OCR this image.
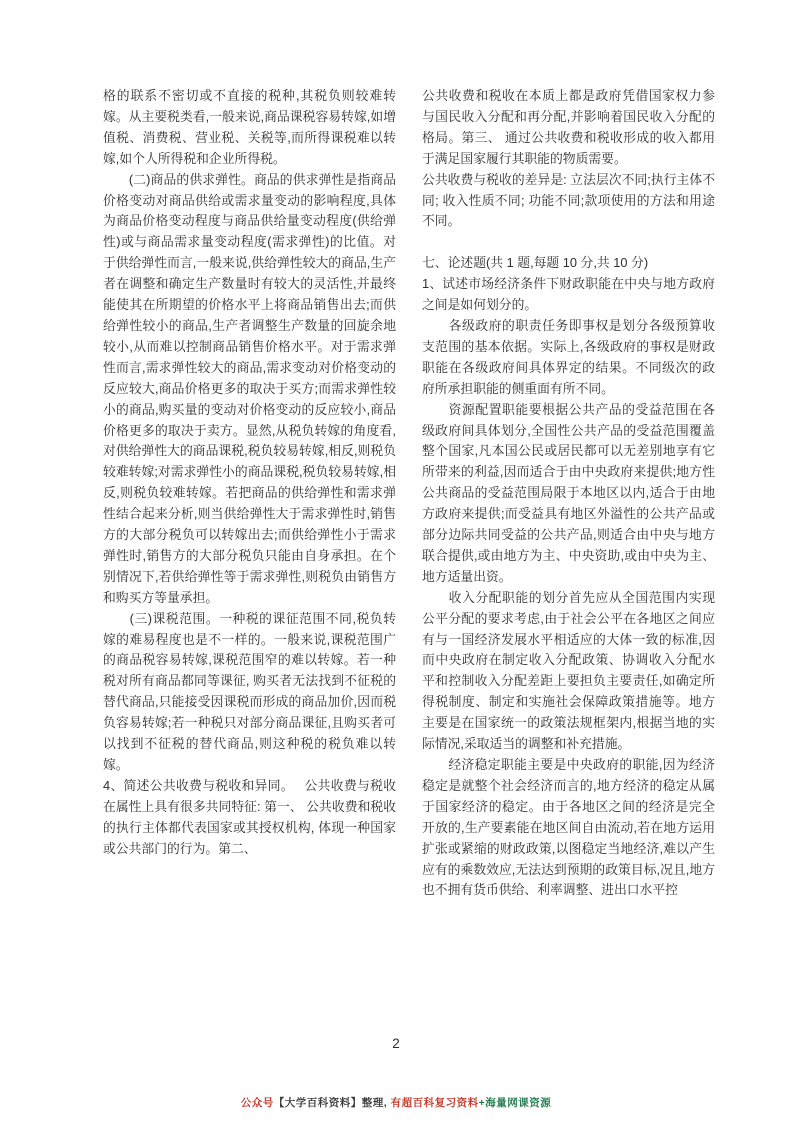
格的联系不密切或不直接的税种,其税负则较难转嫁。从主要税类看,一般来说,商品课税容易转嫁,如增值税、消费税、营业税、关税等,而所得课税难以转嫁,如个人所得税和企业所得税。

　　(二)商品的供求弹性。商品的供求弹性是指商品价格变动对商品供给或需求量变动的影响程度,具体为商品价格变动程度与商品供给量变动程度(供给弹性)或与商品需求量变动程度(需求弹性)的比值。对于供给弹性而言,一般来说,供给弹性较大的商品,生产者在调整和确定生产数量时有较大的灵活性,并最终能使其在所期望的价格水平上将商品销售出去;而供给弹性较小的商品,生产者调整生产数量的回旋余地较小,从而难以控制商品销售价格水平。对于需求弹性而言,需求弹性较大的商品,需求变动对价格变动的反应较大,商品价格更多的取决于买方;而需求弹性较小的商品,购买量的变动对价格变动的反应较小,商品价格更多的取决于卖方。显然,从税负转嫁的角度看,对供给弹性大的商品课税,税负较易转嫁,相反,则税负较难转嫁;对需求弹性小的商品课税,税负较易转嫁,相反,则税负较难转嫁。若把商品的供给弹性和需求弹性结合起来分析,则当供给弹性大于需求弹性时,销售方的大部分税负可以转嫁出去;而供给弹性小于需求弹性时,销售方的大部分税负只能由自身承担。在个别情况下,若供给弹性等于需求弹性,则税负由销售方和购买方等量承担。

　　(三)课税范围。一种税的课征范围不同,税负转嫁的难易程度也是不一样的。一般来说,课税范围广的商品税容易转嫁,课税范围窄的难以转嫁。若一种税对所有商品都同等课征, 购买者无法找到不征税的替代商品,只能接受因课税而形成的商品加价,因而税负容易转嫁;若一种税只对部分商品课征,且购买者可以找到不征税的替代商品,则这种税的税负难以转嫁。

4、简述公共收费与税收和异同。　 公共收费与税收在属性上具有很多共同特征: 第一、 公共收费和税收的执行主体都代表国家或其授权机构, 体现一种国家或公共部门的行为。第二、

公共收费和税收在本质上都是政府凭借国家权力参与国民收入分配和再分配,并影响着国民收入分配的格局。第三、 通过公共收费和税收形成的收入都用于满足国家履行其职能的物质需要。

公共收费与税收的差异是: 立法层次不同;执行主体不同; 收入性质不同; 功能不同;款项使用的方法和用途不同。

七、论述题(共 1 题,每题 10 分,共 10 分)

1、试述市场经济条件下财政职能在中央与地方政府之间是如何划分的。

　　各级政府的职责任务即事权是划分各级预算收支范围的基本依据。实际上,各级政府的事权是财政职能在各级政府间具体界定的结果。不同级次的政府所承担职能的侧重面有所不同。

　　资源配置职能要根据公共产品的受益范围在各级政府间具体划分,全国性公共产品的受益范围覆盖整个国家,凡本国公民或居民都可以无差别地享有它所带来的利益,因而适合于由中央政府来提供;地方性公共商品的受益范围局限于本地区以内,适合于由地方政府来提供;而受益具有地区外溢性的公共产品或部分边际共同受益的公共产品,则适合由中央与地方联合提供,或由地方为主、中央资助,或由中央为主、地方适量出资。

　　收入分配职能的划分首先应从全国范围内实现公平分配的要求考虑,由于社会公平在各地区之间应有与一国经济发展水平相适应的大体一致的标准,因而中央政府在制定收入分配政策、协调收入分配水平和控制收入分配差距上要担负主要责任,如确定所得税制度、制定和实施社会保障政策措施等。地方主要是在国家统一的政策法规框架内,根据当地的实际情况,采取适当的调整和补充措施。

　　经济稳定职能主要是中央政府的职能,因为经济稳定是就整个社会经济而言的,地方经济的稳定从属于国家经济的稳定。由于各地区之间的经济是完全开放的,生产要素能在地区间自由流动,若在地方运用扩张或紧缩的财政政策,以图稳定当地经济,难以产生应有的乘数效应,无法达到预期的政策目标,况且,地方也不拥有货币供给、利率调整、进出口水平控

2
公众号【大学百科资料】整理, 有超百科复习资料+海量网课资源
